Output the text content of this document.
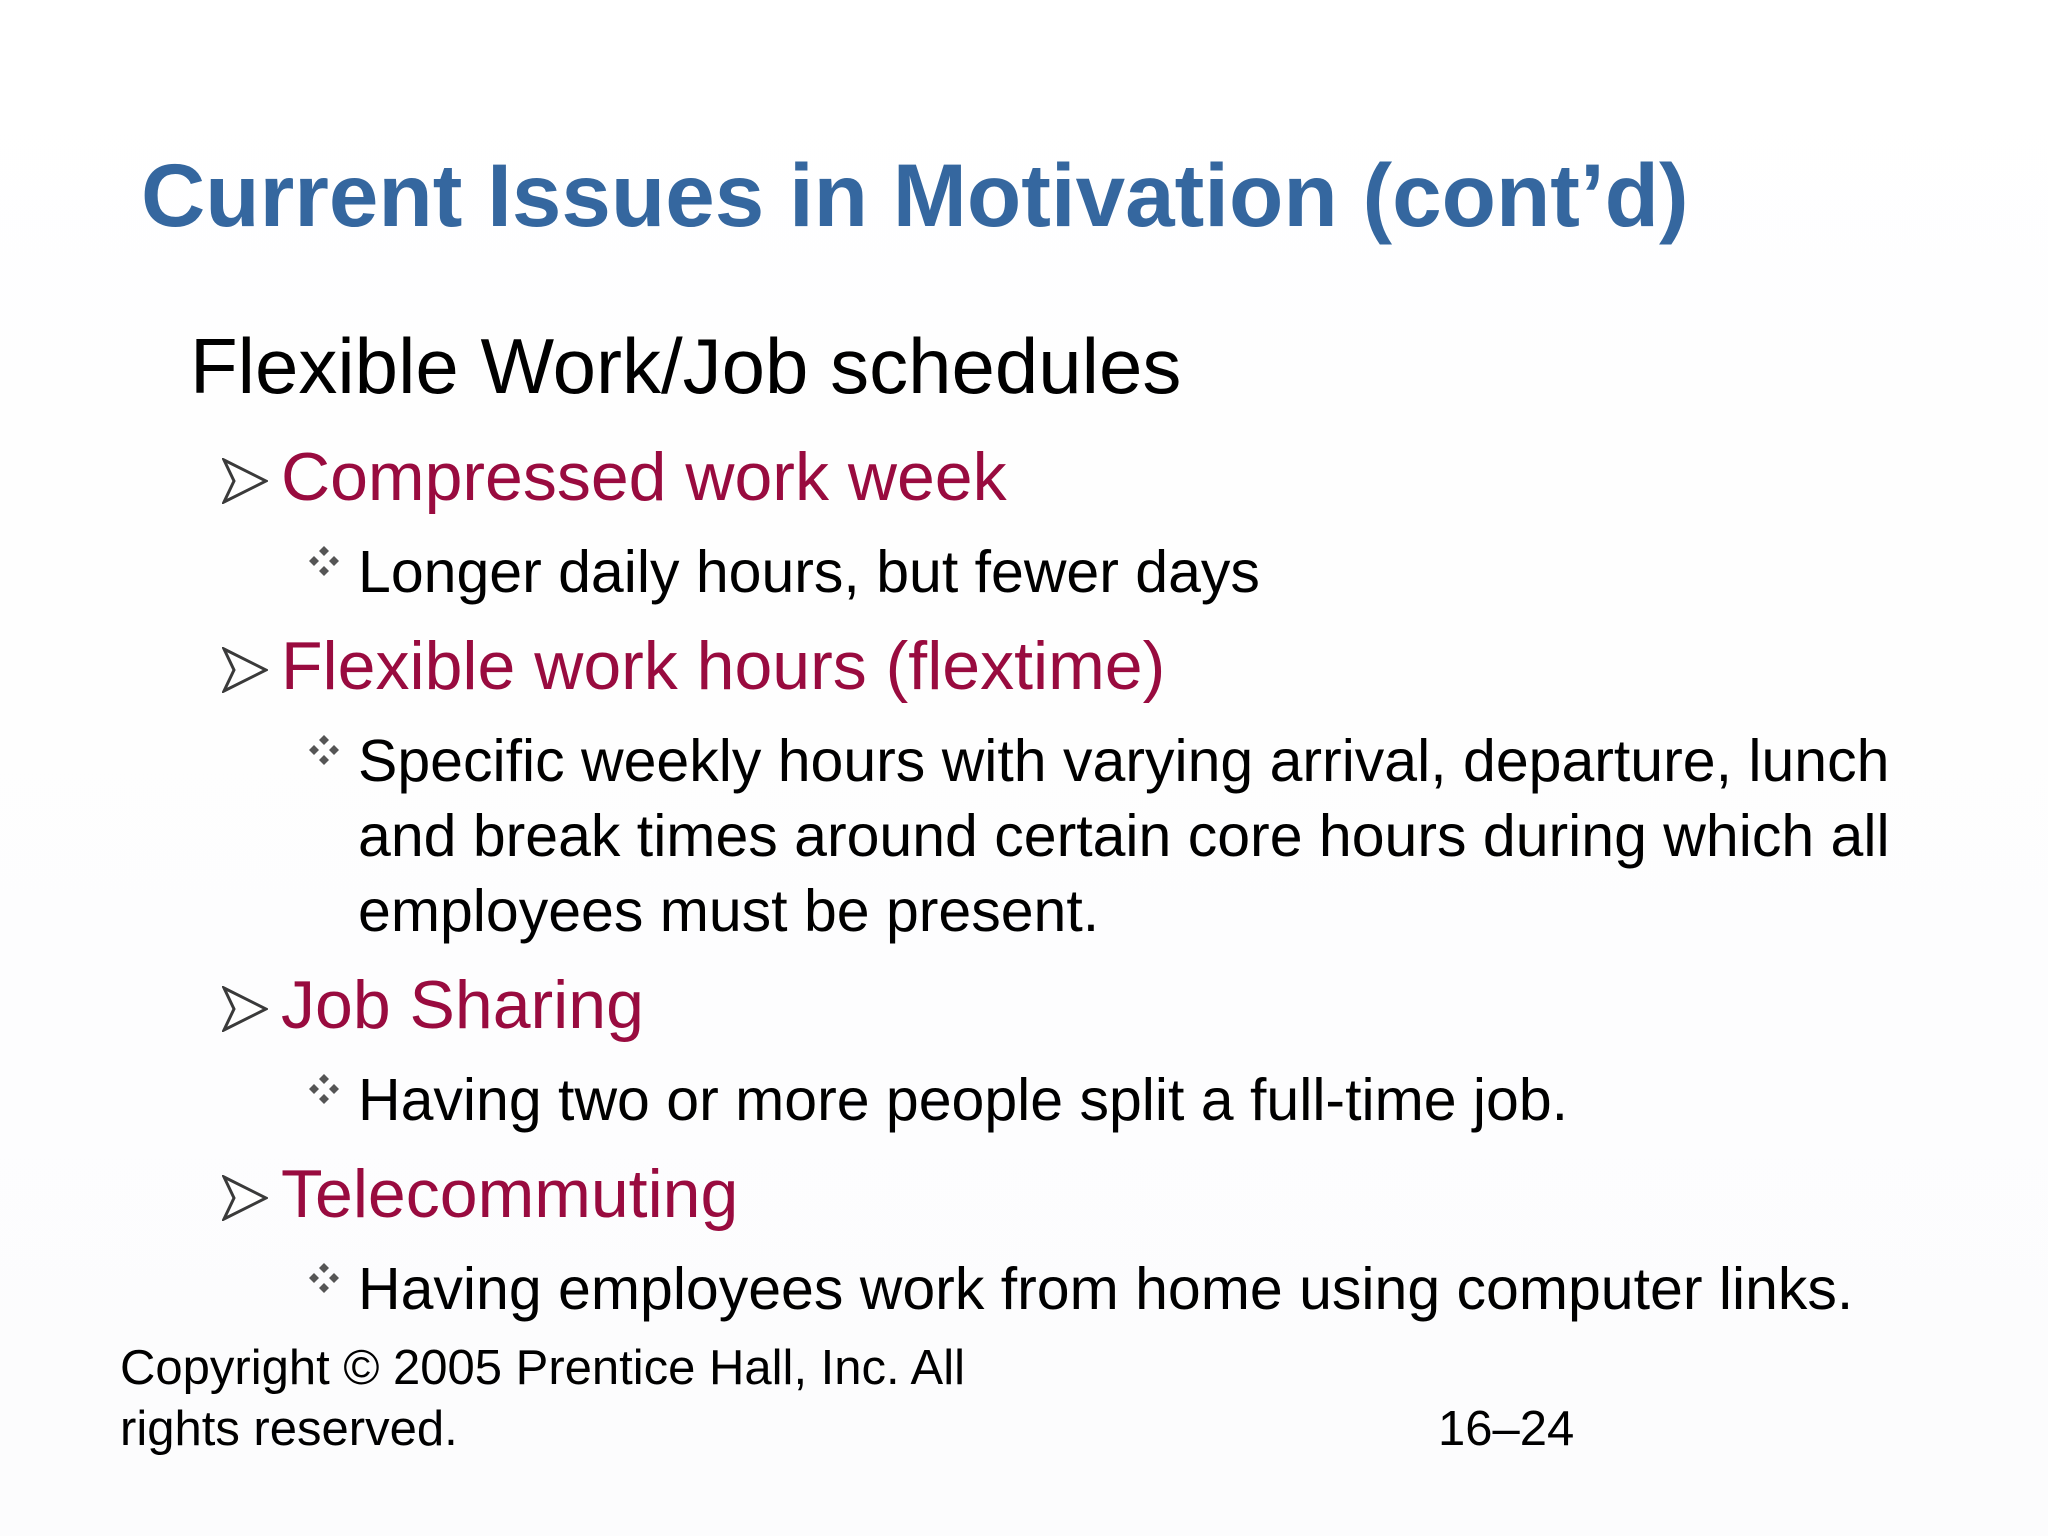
Current Issues in Motivation (cont’d)
Flexible Work/Job schedules
Compressed work week
Longer daily hours, but fewer days
Flexible work hours (flextime)
Specific weekly hours with varying arrival, departure, lunch and break times around certain core hours during which all employees must be present.
Job Sharing
Having two or more people split a full-time job.
Telecommuting
Having employees work from home using computer links.
Copyright © 2005 Prentice Hall, Inc. All rights reserved.	16–24
